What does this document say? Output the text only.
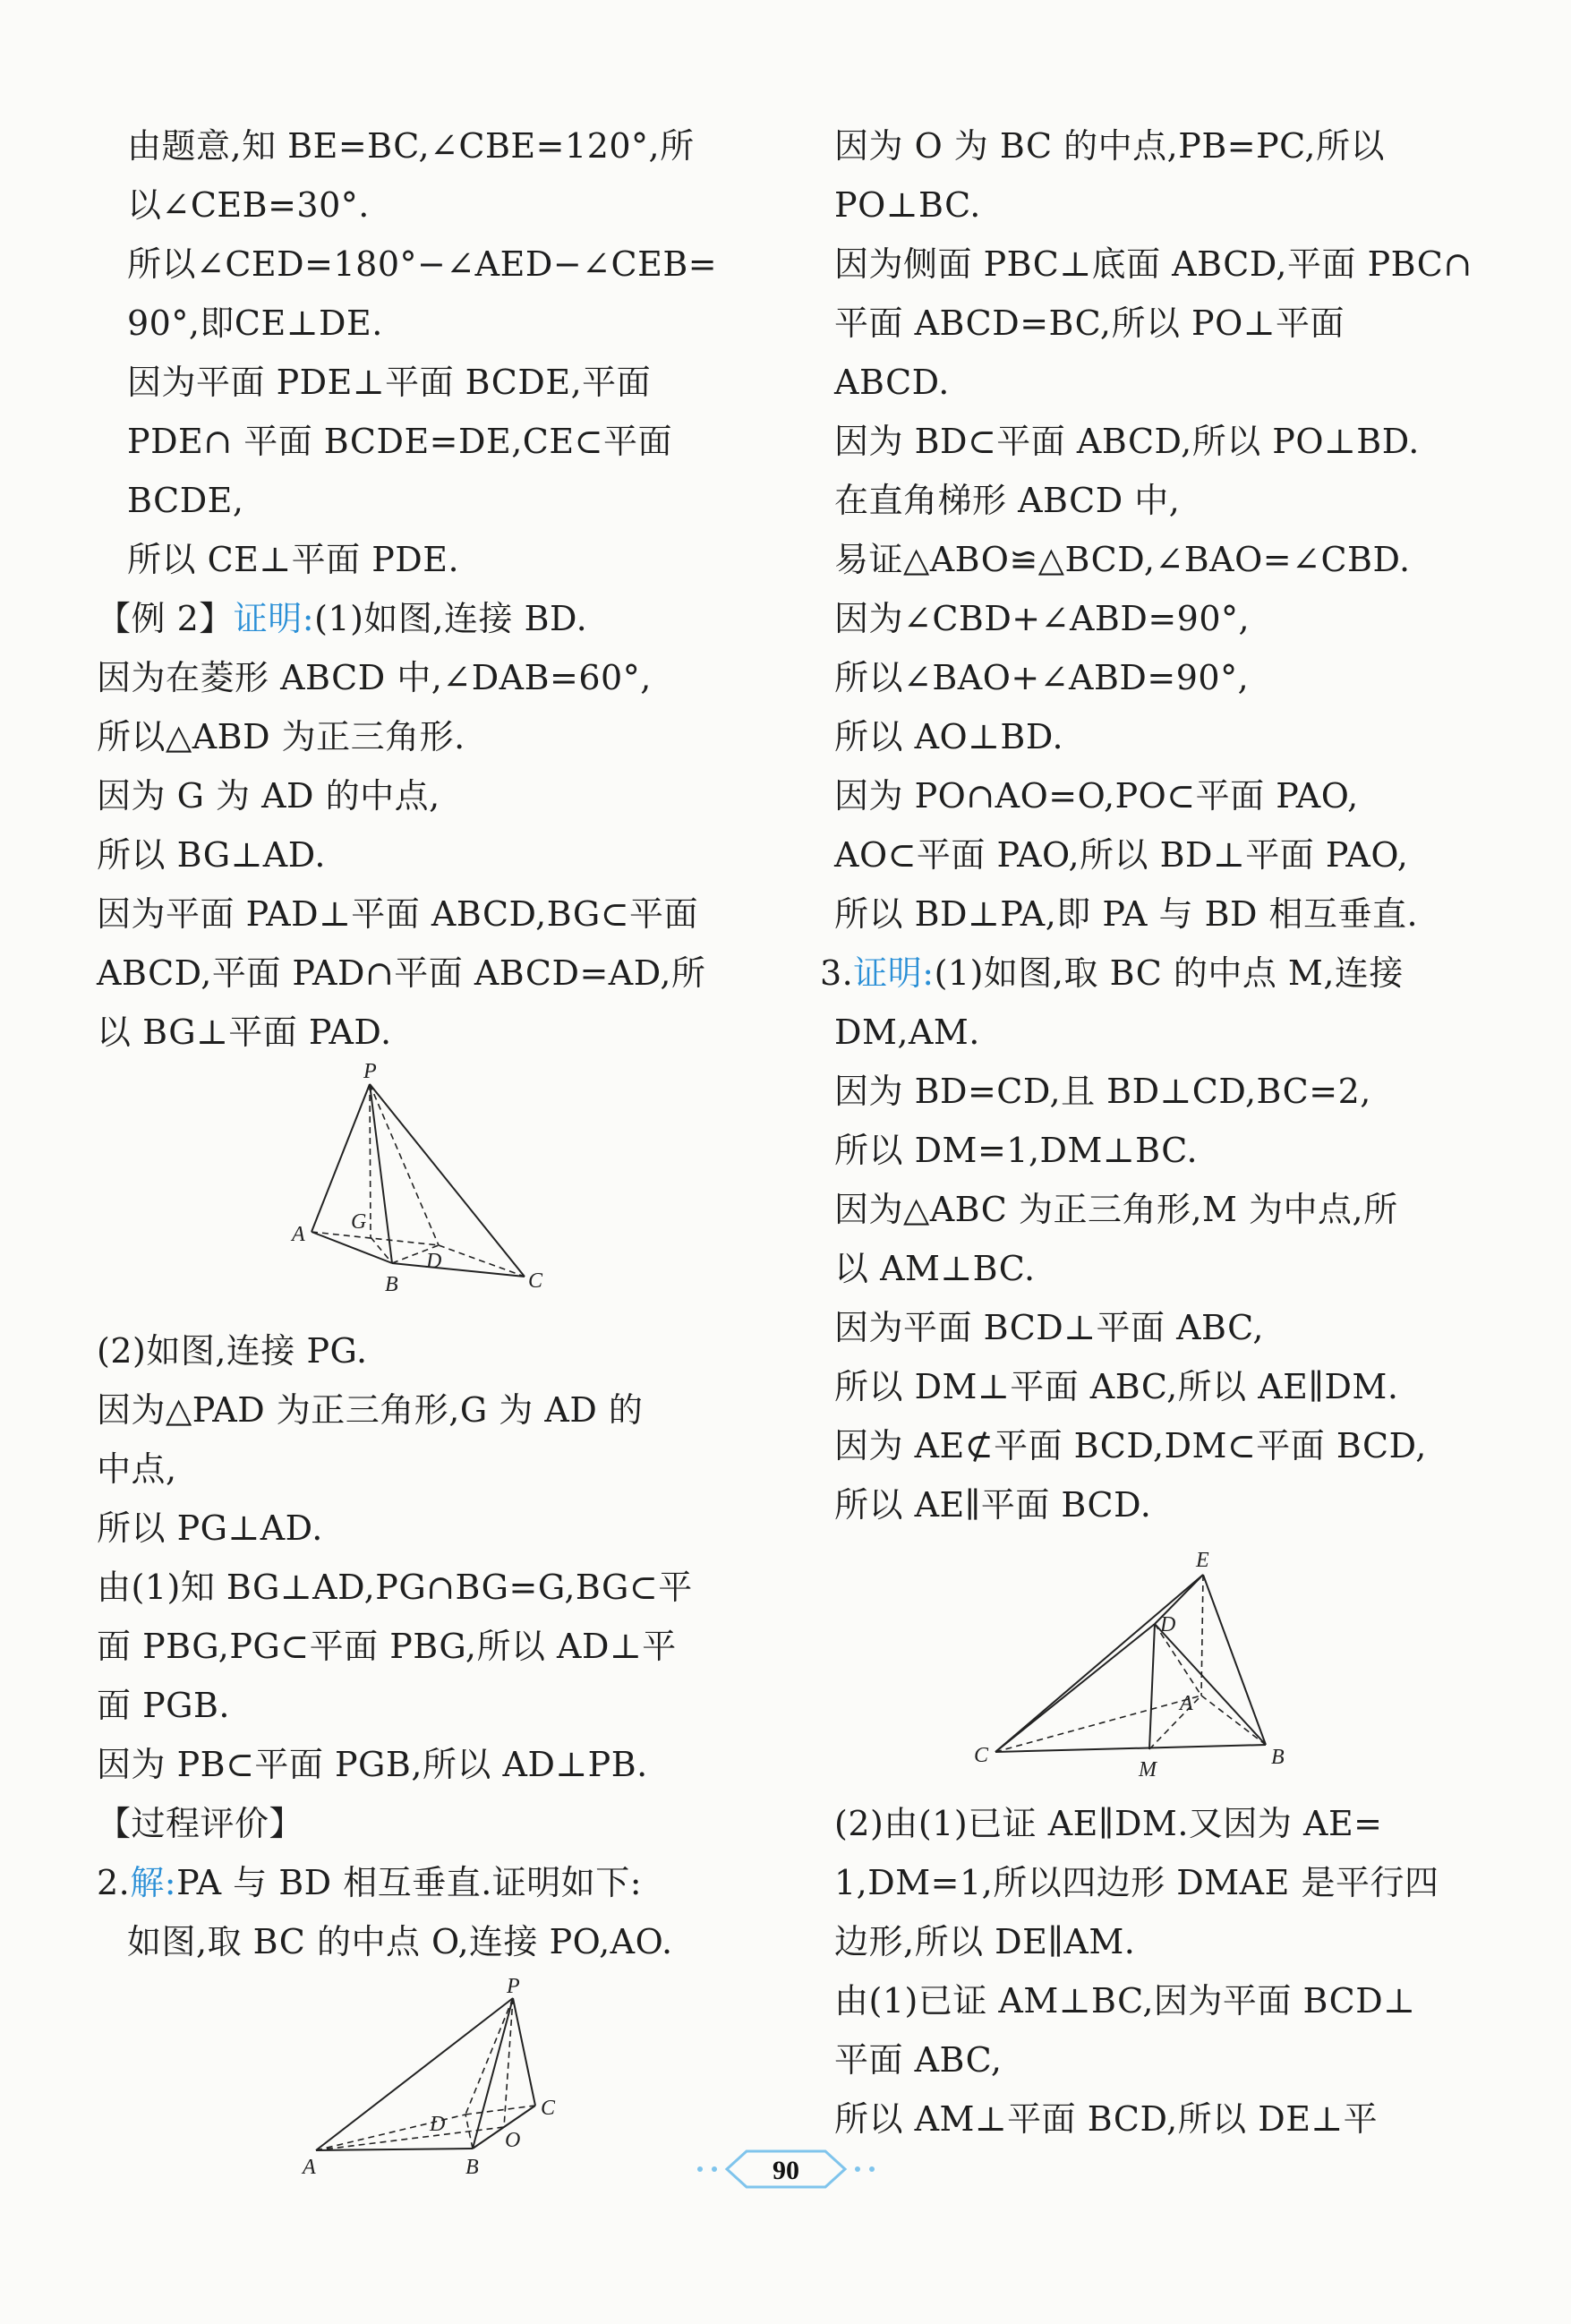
由题意,知 BE=BC,∠CBE=120°,所
以∠CEB=30°.
所以∠CED=180°−∠AED−∠CEB=
90°,即CE⊥DE.
因为平面 PDE⊥平面 BCDE,平面
PDE∩ 平面 BCDE=DE,CE⊂平面
BCDE,
所以 CE⊥平面 PDE.
【例 2】证明:(1)如图,连接 BD.
因为在菱形 ABCD 中,∠DAB=60°,
所以△ABD 为正三角形.
因为 G 为 AD 的中点,
所以 BG⊥AD.
因为平面 PAD⊥平面 ABCD,BG⊂平面
ABCD,平面 PAD∩平面 ABCD=AD,所
以 BG⊥平面 PAD.
P
A
G
D
B	C
(2)如图,连接 PG.
因为△PAD 为正三角形,G 为 AD 的
中点,
所以 PG⊥AD.
由(1)知 BG⊥AD,PG∩BG=G,BG⊂平
面 PBG,PG⊂平面 PBG,所以 AD⊥平
面 PGB.
因为 PB⊂平面 PGB,所以 AD⊥PB.
【过程评价】
2.解:PA 与 BD 相互垂直.证明如下:
如图,取 BC 的中点 O,连接 PO,AO.
P
C
D
O
A	B
因为 O 为 BC 的中点,PB=PC,所以
PO⊥BC.
因为侧面 PBC⊥底面 ABCD,平面 PBC∩
平面 ABCD=BC,所以 PO⊥平面
ABCD.
因为 BD⊂平面 ABCD,所以 PO⊥BD.
在直角梯形 ABCD 中,
易证△ABO≌△BCD,∠BAO=∠CBD.
因为∠CBD+∠ABD=90°,
所以∠BAO+∠ABD=90°,
所以 AO⊥BD.
因为 PO∩AO=O,PO⊂平面 PAO,
AO⊂平面 PAO,所以 BD⊥平面 PAO,
所以 BD⊥PA,即 PA 与 BD 相互垂直.
3.证明:(1)如图,取 BC 的中点 M,连接
DM,AM.
因为 BD=CD,且 BD⊥CD,BC=2,
所以 DM=1,DM⊥BC.
因为△ABC 为正三角形,M 为中点,所
以 AM⊥BC.
因为平面 BCD⊥平面 ABC,
所以 DM⊥平面 ABC,所以 AE∥DM.
因为 AE⊄平面 BCD,DM⊂平面 BCD,
所以 AE∥平面 BCD.
E
D
A
C
M
B
(2)由(1)已证 AE∥DM.又因为 AE=
1,DM=1,所以四边形 DMAE 是平行四
边形,所以 DE∥AM.
由(1)已证 AM⊥BC,因为平面 BCD⊥
平面 ABC,
所以 AM⊥平面 BCD,所以 DE⊥平
90
